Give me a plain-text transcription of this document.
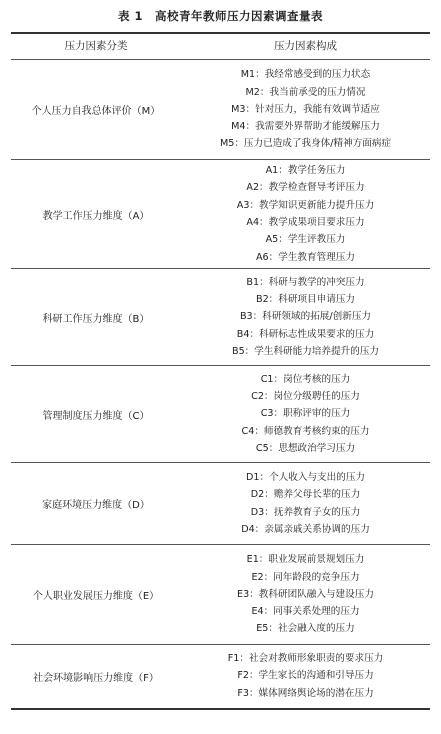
表 1　高校青年教师压力因素调查量表
压力因素分类	压力因素构成
个人压力自我总体评价（M）
M1：我经常感受到的压力状态
M2：我当前承受的压力情况
M3：针对压力，我能有效调节适应
M4：我需要外界帮助才能缓解压力
M5：压力已造成了我身体/精神方面病症
教学工作压力维度（A）
A1：教学任务压力
A2：教学检查督导考评压力
A3：教学知识更新能力提升压力
A4：教学成果项目要求压力
A5：学生评教压力
A6：学生教育管理压力
科研工作压力维度（B）
B1：科研与教学的冲突压力
B2：科研项目申请压力
B3：科研领域的拓展/创新压力
B4：科研标志性成果要求的压力
B5：学生科研能力培养提升的压力
管理制度压力维度（C）
C1：岗位考核的压力
C2：岗位分级聘任的压力
C3：职称评审的压力
C4：师德教育考核约束的压力
C5：思想政治学习压力
家庭环境压力维度（D）
D1：个人收入与支出的压力
D2：赡养父母长辈的压力
D3：抚养教育子女的压力
D4：亲属亲戚关系协调的压力
个人职业发展压力维度（E）
E1：职业发展前景规划压力
E2：同年龄段的竞争压力
E3：教科研团队融入与建设压力
E4：同事关系处理的压力
E5：社会融入度的压力
社会环境影响压力维度（F）
F1：社会对教师形象职责的要求压力
F2：学生家长的沟通和引导压力
F3：媒体网络舆论场的潜在压力
